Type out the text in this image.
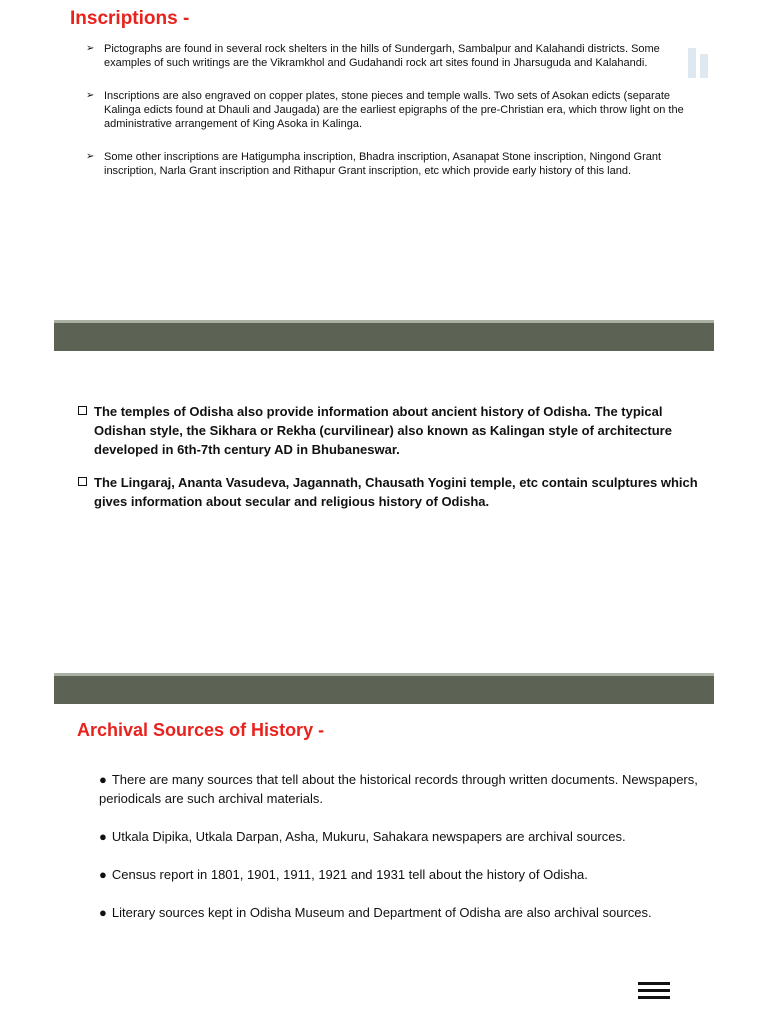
Inscriptions -
➢ Pictographs are found in several rock shelters in the hills of Sundergarh, Sambalpur and Kalahandi districts. Some examples of such writings are the Vikramkhol and Gudahandi rock art sites found in Jharsuguda and Kalahandi.
➢ Inscriptions are also engraved on copper plates, stone pieces and temple walls. Two sets of Asokan edicts (separate Kalinga edicts found at Dhauli and Jaugada) are the earliest epigraphs of the pre-Christian era, which throw light on the administrative arrangement of King Asoka in Kalinga.
➢ Some other inscriptions are Hatigumpha inscription, Bhadra inscription, Asanapat Stone inscription, Ningond Grant inscription, Narla Grant inscription and Rithapur Grant inscription, etc which provide early history of this land.
The temples of Odisha also provide information about ancient history of Odisha. The typical Odishan style, the Sikhara or Rekha (curvilinear) also known as Kalingan style of architecture developed in 6th-7th century AD in Bhubaneswar.
The Lingaraj, Ananta Vasudeva, Jagannath, Chausath Yogini temple, etc contain sculptures which gives information about secular and religious history of Odisha.
Archival Sources of History -
● There are many sources that tell about the historical records through written documents. Newspapers, periodicals are such archival materials.
● Utkala Dipika, Utkala Darpan, Asha, Mukuru, Sahakara newspapers are archival sources.
● Census report in 1801, 1901, 1911, 1921 and 1931 tell about the history of Odisha.
● Literary sources kept in Odisha Museum and Department of Odisha are also archival sources.
